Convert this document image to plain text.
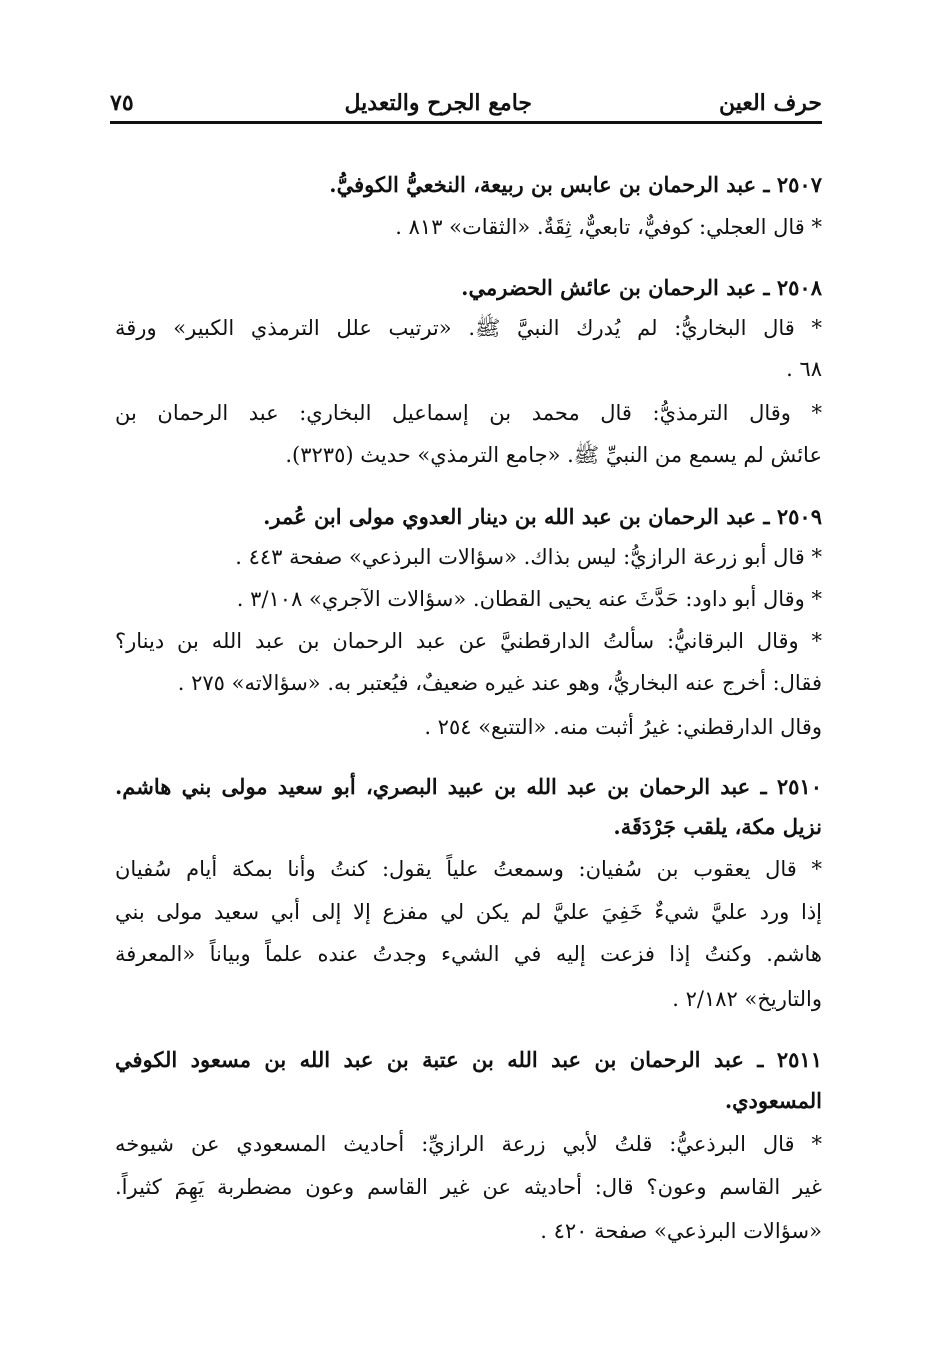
حرف العين
جامع الجرح والتعديل
٧٥
٢٥٠٧ ـ عبد الرحمان بن عابس بن ربيعة، النخعيُّ الكوفيُّ.
* قال العجلي: كوفيٌّ، تابعيٌّ، ثِقَةٌ. «الثقات» ٨١٣ .
٢٥٠٨ ـ عبد الرحمان بن عائش الحضرمي.
* قال البخاريُّ: لم يُدرك النبيَّ ﷺ. «ترتيب علل الترمذي الكبير» ورقة
٦٨ .
* وقال الترمذيُّ: قال محمد بن إسماعيل البخاري: عبد الرحمان بن
عائش لم يسمع من النبيِّ ﷺ. «جامع الترمذي» حديث (٣٢٣٥).
٢٥٠٩ ـ عبد الرحمان بن عبد الله بن دينار العدوي مولى ابن عُمر.
* قال أبو زرعة الرازيُّ: ليس بذاك. «سؤالات البرذعي» صفحة ٤٤٣ .
* وقال أبو داود: حَدَّثَ عنه يحيى القطان. «سؤالات الآجري» ٣/١٠٨ .
* وقال البرقانيُّ: سألتُ الدارقطنيَّ عن عبد الرحمان بن عبد الله بن دينار؟
فقال: أخرج عنه البخاريُّ، وهو عند غيره ضعيفٌ، فيُعتبر به. «سؤالاته» ٢٧٥ .
وقال الدارقطني: غيرُ أثبت منه. «التتبع» ٢٥٤ .
٢٥١٠ ـ عبد الرحمان بن عبد الله بن عبيد البصري، أبو سعيد مولى بني هاشم.
نزيل مكة، يلقب جَرْدَقَة.
* قال يعقوب بن سُفيان: وسمعتُ علياً يقول: كنتُ وأنا بمكة أيام سُفيان
إذا ورد عليَّ شيءٌ خَفِيَ عليَّ لم يكن لي مفزع إلا إلى أبي سعيد مولى بني
هاشم. وكنتُ إذا فزعت إليه في الشيء وجدتُ عنده علماً وبياناً «المعرفة
والتاريخ» ٢/١٨٢ .
٢٥١١ ـ عبد الرحمان بن عبد الله بن عتبة بن عبد الله بن مسعود الكوفي
المسعودي.
* قال البرذعيُّ: قلتُ لأبي زرعة الرازيِّ: أحاديث المسعودي عن شيوخه
غير القاسم وعون؟ قال: أحاديثه عن غير القاسم وعون مضطربة يَهِمَ كثيراً.
«سؤالات البرذعي» صفحة ٤٢٠ .
